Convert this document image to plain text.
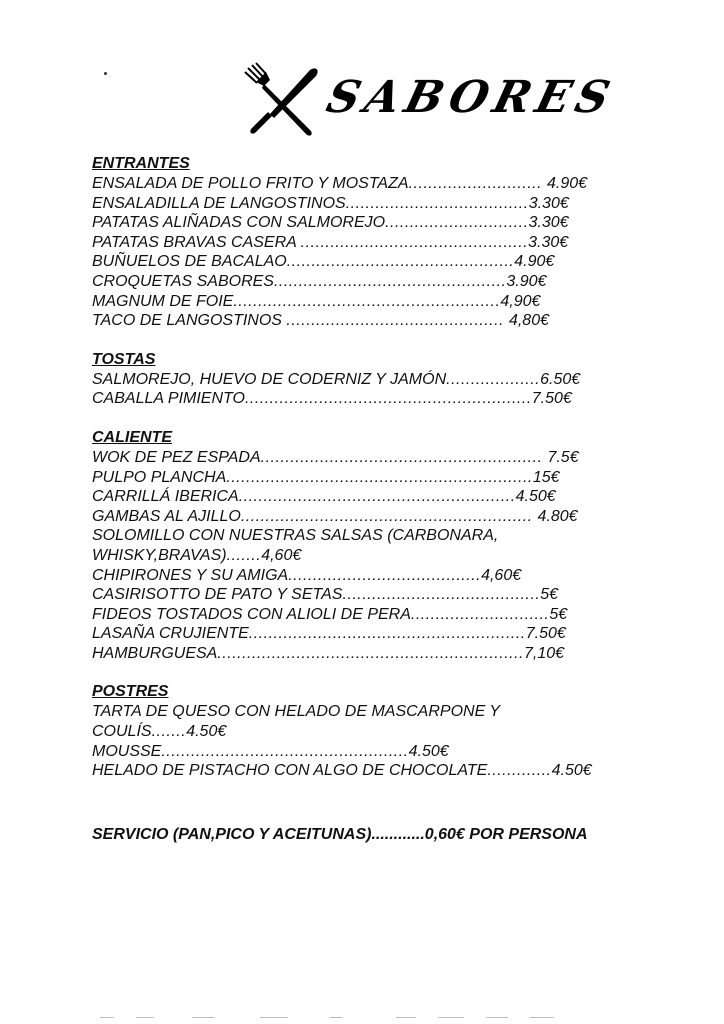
SABORES
ENTRANTES
ENSALADA DE POLLO FRITO Y MOSTAZA........................... 4.90€
ENSALADILLA DE LANGOSTINOS.....................................3.30€
PATATAS ALIÑADAS CON SALMOREJO.............................3.30€
PATATAS BRAVAS CASERA ..............................................3.30€
BUÑUELOS DE BACALAO..............................................4.90€
CROQUETAS SABORES...............................................3.90€
MAGNUM DE FOIE......................................................4,90€
TACO DE LANGOSTINOS ............................................ 4,80€
TOSTAS
SALMOREJO, HUEVO DE CODERNIZ Y JAMÓN...................6.50€
CABALLA PIMIENTO..........................................................7.50€
CALIENTE
WOK DE PEZ ESPADA......................................................... 7.5€
PULPO PLANCHA..............................................................15€
CARRILLÁ IBERICA........................................................4.50€
GAMBAS AL AJILLO........................................................... 4.80€
SOLOMILLO CON NUESTRAS SALSAS (CARBONARA,
WHISKY,BRAVAS).......4,60€
CHIPIRONES Y SU AMIGA.......................................4,60€
CASIRISOTTO DE PATO Y SETAS........................................5€
FIDEOS TOSTADOS CON ALIOLI DE PERA............................5€
LASAÑA CRUJIENTE........................................................7.50€
HAMBURGUESA..............................................................7,10€
POSTRES
TARTA DE QUESO CON HELADO DE MASCARPONE Y
COULÍS.......4.50€
MOUSSE..................................................4.50€
HELADO DE PISTACHO CON ALGO DE CHOCOLATE.............4.50€
SERVICIO (PAN,PICO Y ACEITUNAS)............0,60€ POR PERSONA
